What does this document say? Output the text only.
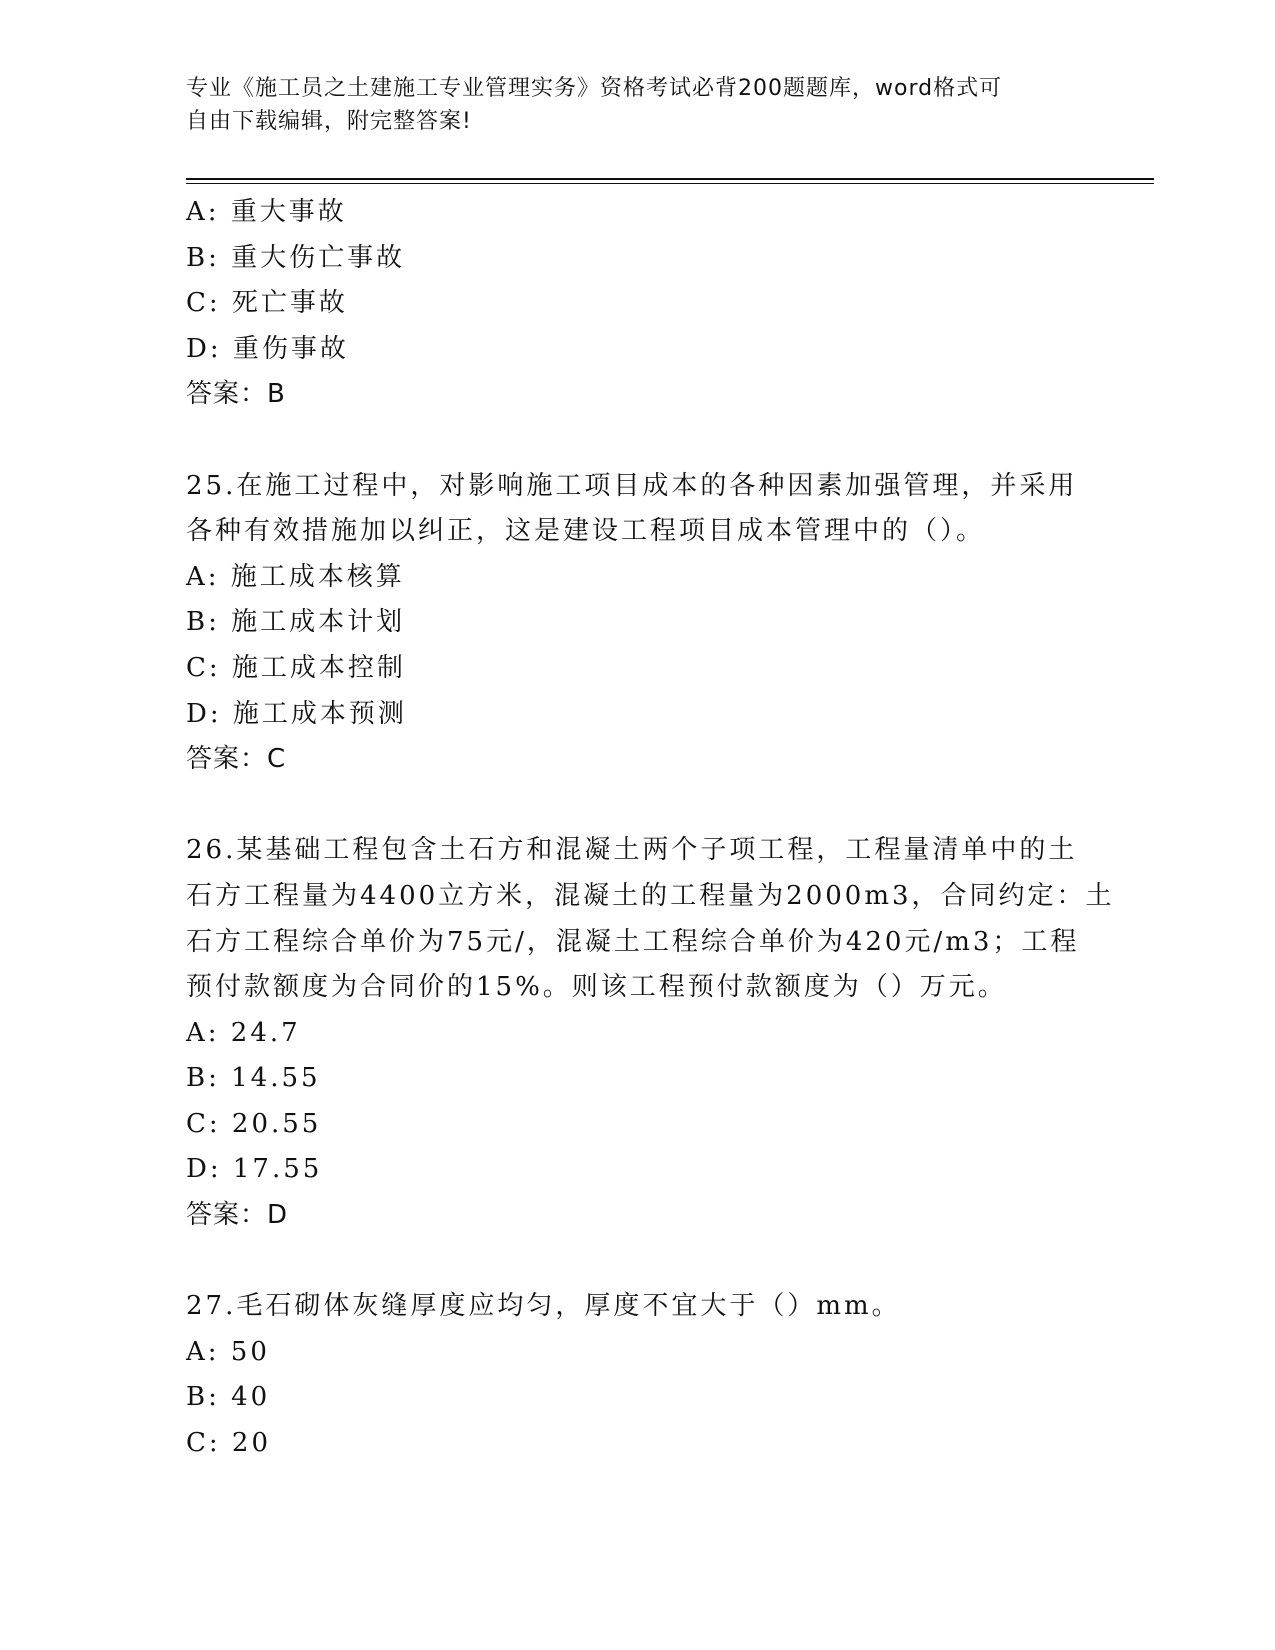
专业《施工员之土建施工专业管理实务》资格考试必背200题题库，word格式可
自由下载编辑，附完整答案!
A: 重大事故
B: 重大伤亡事故
C: 死亡事故
D: 重伤事故
答案：B
25.在施工过程中，对影响施工项目成本的各种因素加强管理，并采用
各种有效措施加以纠正，这是建设工程项目成本管理中的（）。
A: 施工成本核算
B: 施工成本计划
C: 施工成本控制
D: 施工成本预测
答案：C
26.某基础工程包含土石方和混凝土两个子项工程，工程量清单中的土
石方工程量为4400立方米，混凝土的工程量为2000m3，合同约定：土
石方工程综合单价为75元/，混凝土工程综合单价为420元/m3；工程
预付款额度为合同价的15%。则该工程预付款额度为（）万元。
A: 24.7
B: 14.55
C: 20.55
D: 17.55
答案：D
27.毛石砌体灰缝厚度应均匀，厚度不宜大于（）mm。
A: 50
B: 40
C: 20
